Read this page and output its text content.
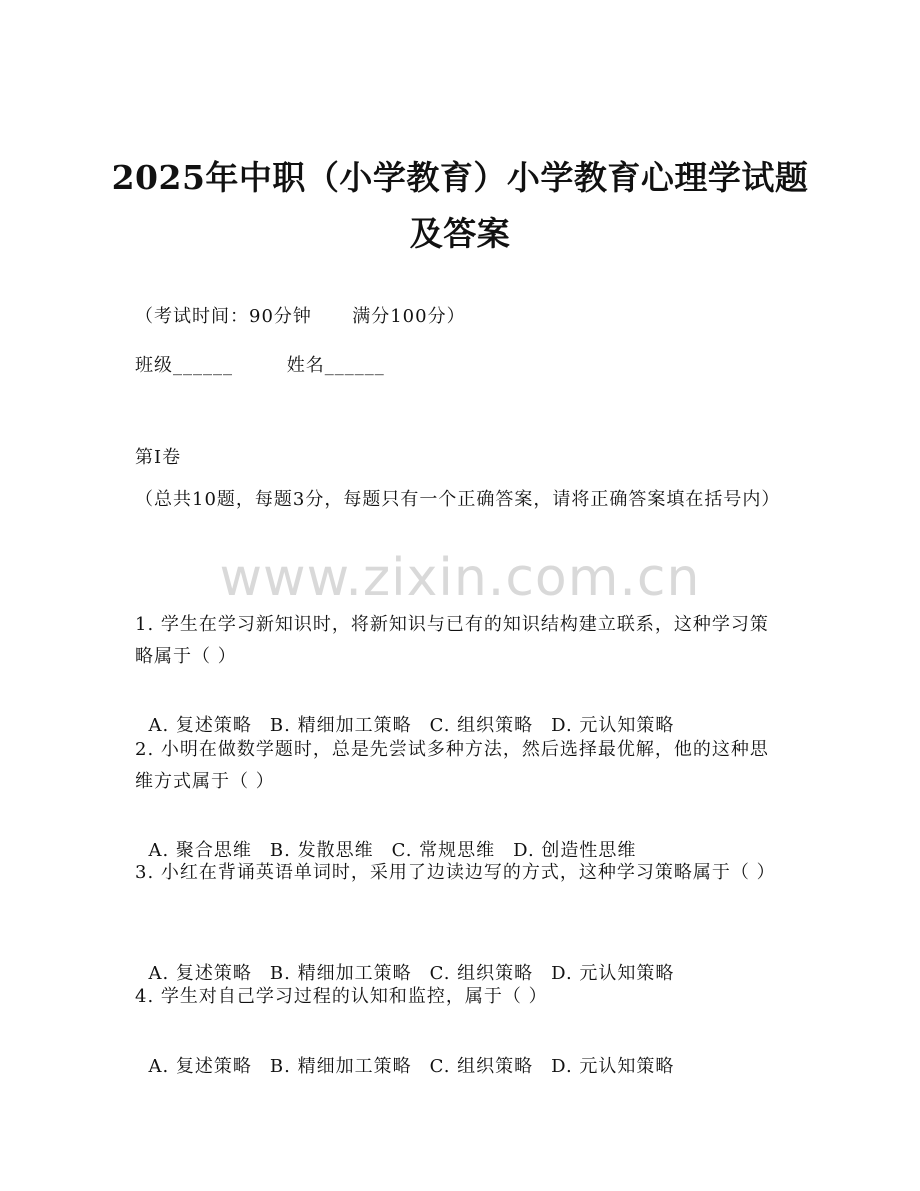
2025年中职（小学教育）小学教育心理学试题及答案
（考试时间：90分钟      满分100分）
班级______        姓名______
第I卷
（总共10题，每题3分，每题只有一个正确答案，请将正确答案填在括号内）
www.zixin.com.cn
1. 学生在学习新知识时，将新知识与已有的知识结构建立联系，这种学习策略属于（ ）

A. 复述策略 B. 精细加工策略 C. 组织策略 D. 元认知策略

2. 小明在做数学题时，总是先尝试多种方法，然后选择最优解，他的这种思维方式属于（ ）

A. 聚合思维 B. 发散思维 C. 常规思维 D. 创造性思维

3. 小红在背诵英语单词时，采用了边读边写的方式，这种学习策略属于（ ）

A. 复述策略 B. 精细加工策略 C. 组织策略 D. 元认知策略

4. 学生对自己学习过程的认知和监控，属于（ ）

A. 复述策略 B. 精细加工策略 C. 组织策略 D. 元认知策略
